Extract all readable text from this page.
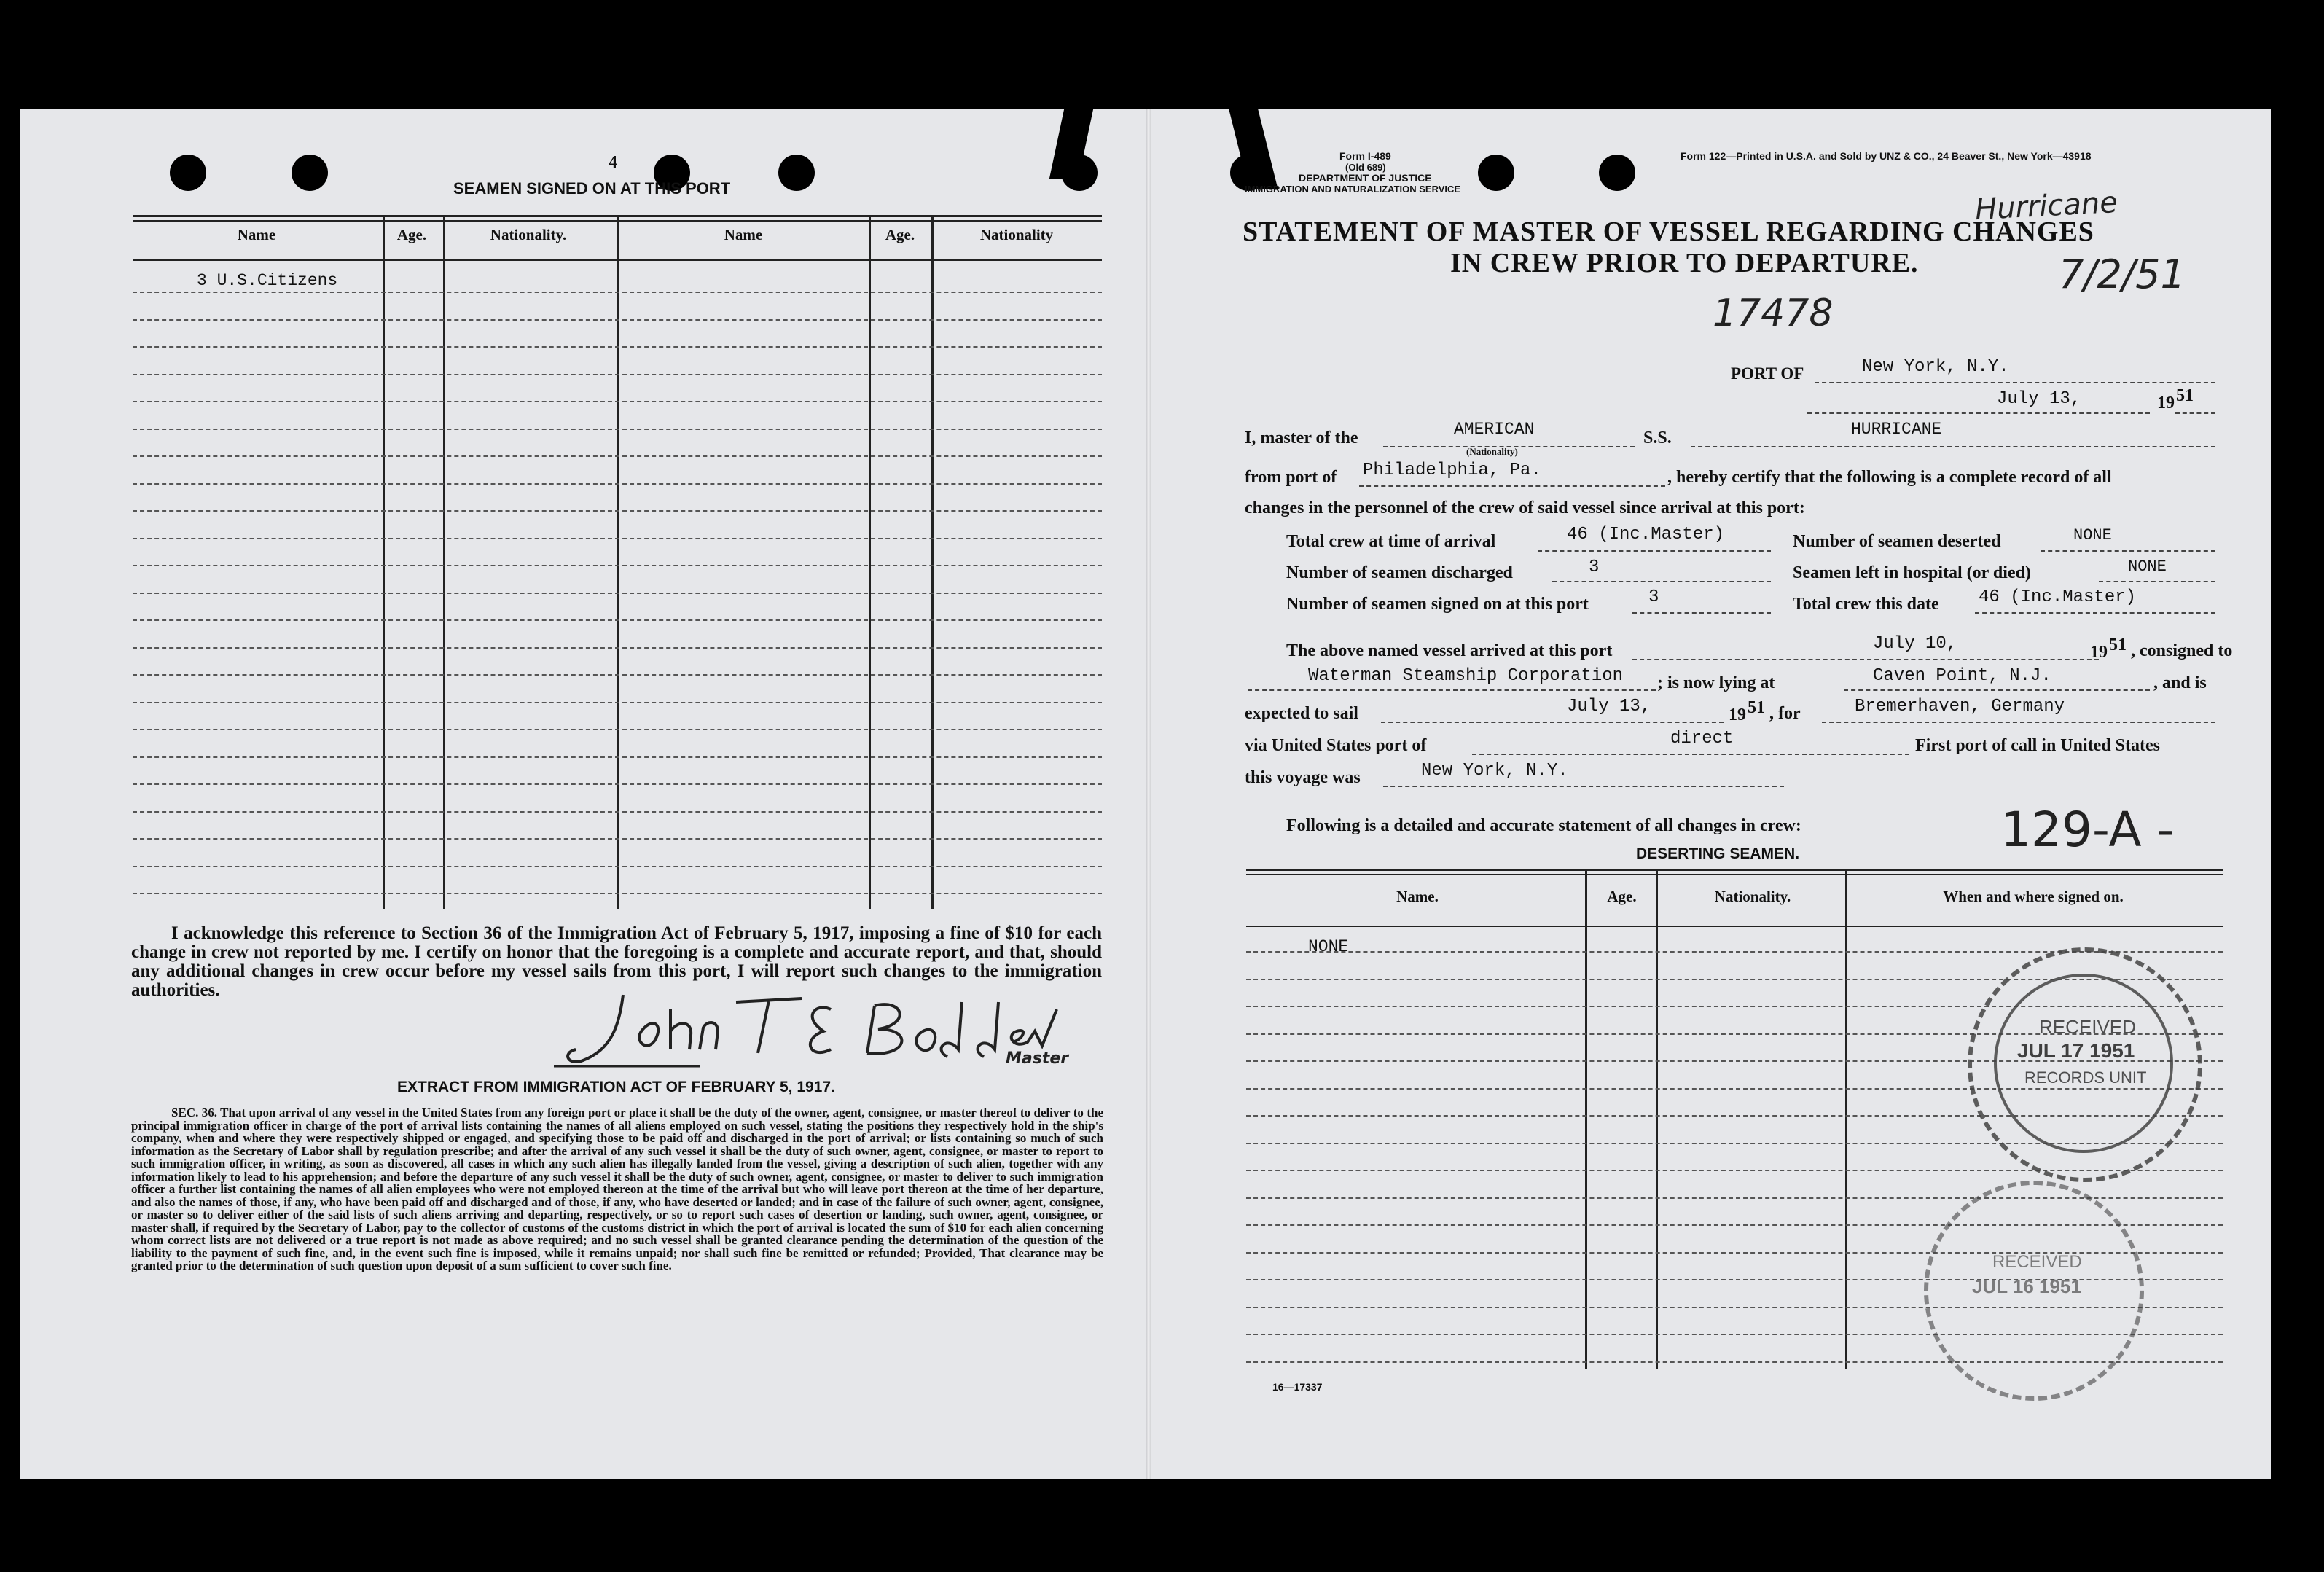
4
SEAMEN SIGNED ON AT THIS PORT
Name	Age.	Nationality.	Name	Age.	Nationality
3 U.S.Citizens
I acknowledge this reference to Section 36 of the Immigration Act of February 5, 1917, imposing a fine of $10 for each change in crew not reported by me. I certify on honor that the foregoing is a complete and accurate report, and that, should any additional changes in crew occur before my vessel sails from this port, I will report such changes to the immigration authorities.
Master
EXTRACT FROM IMMIGRATION ACT OF FEBRUARY 5, 1917.
SEC. 36. That upon arrival of any vessel in the United States from any foreign port or place it shall be the duty of the owner, agent, consignee, or master thereof to deliver to the principal immigration officer in charge of the port of arrival lists containing the names of all aliens employed on such vessel, stating the positions they respectively hold in the ship's company, when and where they were respectively shipped or engaged, and specifying those to be paid off and discharged in the port of arrival; or lists containing so much of such information as the Secretary of Labor shall by regulation prescribe; and after the arrival of any such vessel it shall be the duty of such owner, agent, consignee, or master to report to such immigration officer, in writing, as soon as discovered, all cases in which any such alien has illegally landed from the vessel, giving a description of such alien, together with any information likely to lead to his apprehension; and before the departure of any such vessel it shall be the duty of such owner, agent, consignee, or master to deliver to such immigration officer a further list containing the names of all alien employees who were not employed thereon at the time of the arrival but who will leave port thereon at the time of her departure, and also the names of those, if any, who have been paid off and discharged and of those, if any, who have deserted or landed; and in case of the failure of such owner, agent, consignee, or master so to deliver either of the said lists of such aliens arriving and departing, respectively, or so to report such cases of desertion or landing, such owner, agent, consignee, or master shall, if required by the Secretary of Labor, pay to the collector of customs of the customs district in which the port of arrival is located the sum of $10 for each alien concerning whom correct lists are not delivered or a true report is not made as above required; and no such vessel shall be granted clearance pending the determination of the question of the liability to the payment of such fine, and, in the event such fine is imposed, while it remains unpaid; nor shall such fine be remitted or refunded; Provided, That clearance may be granted prior to the determination of such question upon deposit of a sum sufficient to cover such fine.
Form I-489
(Old 689)
DEPARTMENT OF JUSTICE
IMMIGRATION AND NATURALIZATION SERVICE
Form 122—Printed in U.S.A. and Sold by UNZ & CO., 24 Beaver St., New York—43918
Hurricane
STATEMENT OF MASTER OF VESSEL REGARDING CHANGES
IN CREW PRIOR TO DEPARTURE.	7/2/51
17478
PORT OF	New York, N.Y.
July 13,	19 51
I, master of the	AMERICAN
(Nationality)
S.S.	HURRICANE
from port of Philadelphia, Pa.	, hereby certify that the following is a complete record of all
changes in the personnel of the crew of said vessel since arrival at this port:
Total crew at time of arrival	46 (Inc.Master)	Number of seamen deserted	NONE
Number of seamen discharged	3	Seamen left in hospital (or died)	NONE
Number of seamen signed on at this port	3	Total crew this date 46 (Inc.Master)
The above named vessel arrived at this port	July 10,	19 51 , consigned to
Waterman Steamship Corporation ; is now lying at	Caven Point, N.J.	, and is
expected to sail	July 13,	19 51 , for	Bremerhaven, Germany
via United States port of	direct	First port of call in United States
this voyage was	New York, N.Y.
Following is a detailed and accurate statement of all changes in crew:	129-A -
DESERTING SEAMEN.
Name.	Age.	Nationality.	When and where signed on.
NONE
RECEIVED
JUL 17 1951
RECORDS UNIT
RECEIVED
JUL 16 1951
16—17337
